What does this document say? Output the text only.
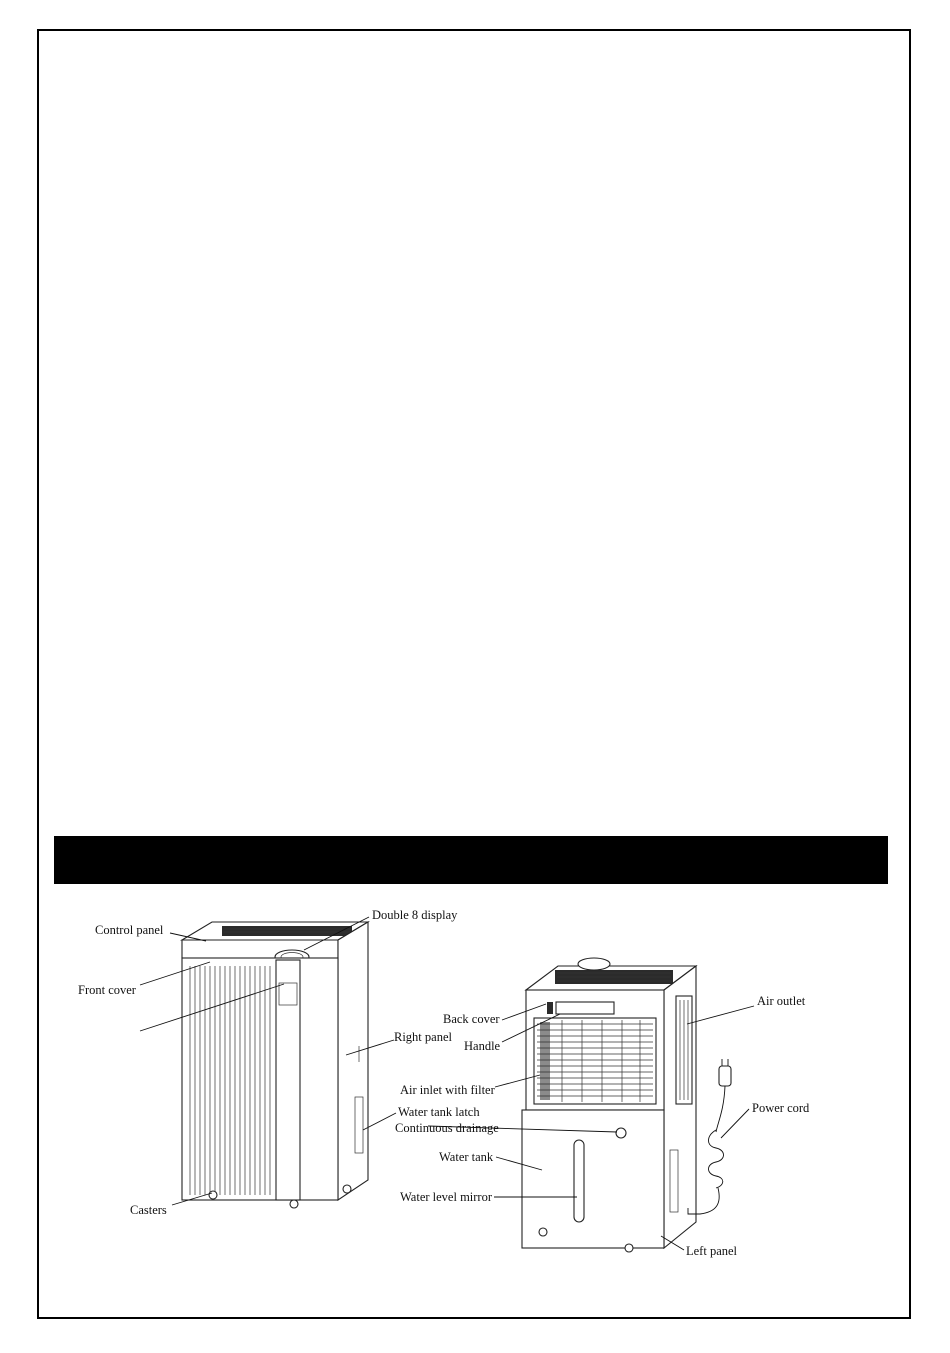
Control panel
Double 8 display
Front cover
Right panel
Water tank latch
Continuous drainage
Casters
Back cover
Handle
Air inlet with filter
Water tank
Water level mirror
Air outlet
Power cord
Left panel
